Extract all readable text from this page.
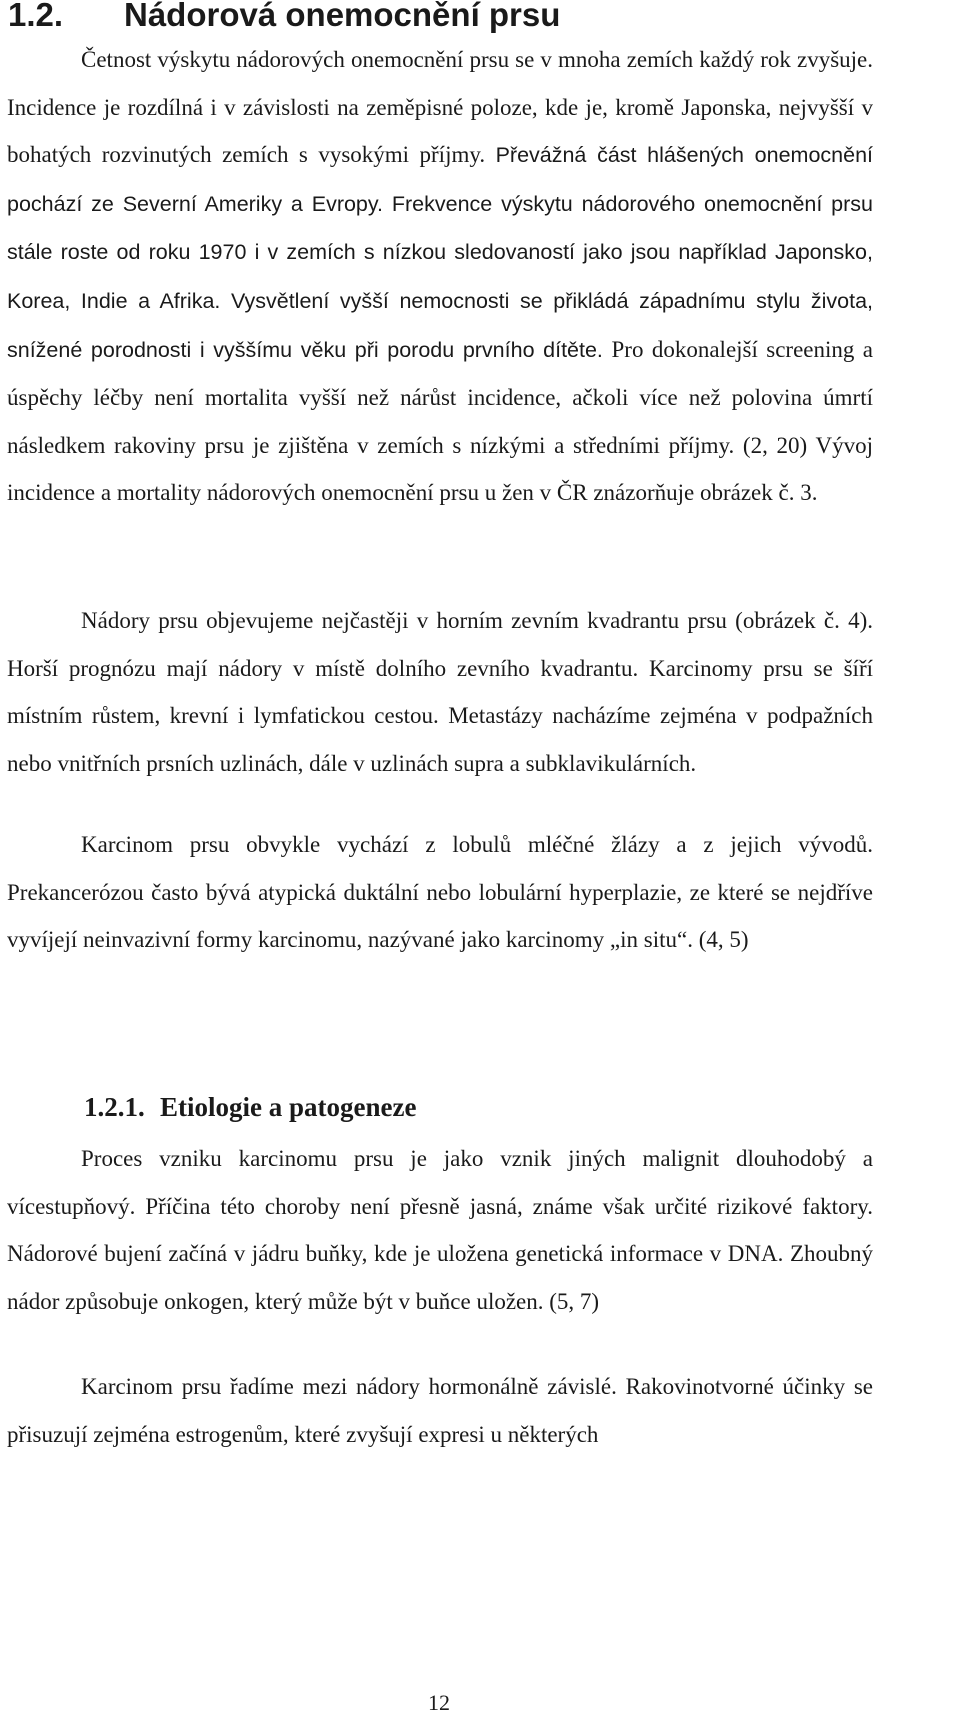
1.2. Nádorová onemocnění prsu

Četnost výskytu nádorových onemocnění prsu se v mnoha zemích každý rok zvyšuje. Incidence je rozdílná i v závislosti na zeměpisné poloze, kde je, kromě Japonska, nejvyšší v bohatých rozvinutých zemích s vysokými příjmy. Převážná část hlášených onemocnění pochází ze Severní Ameriky a Evropy. Frekvence výskytu nádorového onemocnění prsu stále roste od roku 1970 i v zemích s nízkou sledovaností jako jsou například Japonsko, Korea, Indie a Afrika. Vysvětlení vyšší nemocnosti se přikládá západnímu stylu života, snížené porodnosti i vyššímu věku při porodu prvního dítěte. Pro dokonalejší screening a úspěchy léčby není mortalita vyšší než nárůst incidence, ačkoli více než polovina úmrtí následkem rakoviny prsu je zjištěna v zemích s nízkými a středními příjmy. (2, 20) Vývoj incidence a mortality nádorových onemocnění prsu u žen v ČR znázorňuje obrázek č. 3.

Nádory prsu objevujeme nejčastěji v horním zevním kvadrantu prsu (obrázek č. 4). Horší prognózu mají nádory v místě dolního zevního kvadrantu. Karcinomy prsu se šíří místním růstem, krevní i lymfatickou cestou. Metastázy nacházíme zejména v podpažních nebo vnitřních prsních uzlinách, dále v uzlinách supra a subklavikulárních.

Karcinom prsu obvykle vychází z lobulů mléčné žlázy a z jejich vývodů. Prekancerózou často bývá atypická duktální nebo lobulární hyperplazie, ze které se nejdříve vyvíjejí neinvazivní formy karcinomu, nazývané jako karcinomy „in situ“. (4, 5)

1.2.1. Etiologie a patogeneze

Proces vzniku karcinomu prsu je jako vznik jiných malignit dlouhodobý a vícestupňový. Příčina této choroby není přesně jasná, známe však určité rizikové faktory. Nádorové bujení začíná v jádru buňky, kde je uložena genetická informace v DNA. Zhoubný nádor způsobuje onkogen, který může být v buňce uložen. (5, 7)

Karcinom prsu řadíme mezi nádory hormonálně závislé. Rakovinotvorné účinky se přisuzují zejména estrogenům, které zvyšují expresi u některých

12
